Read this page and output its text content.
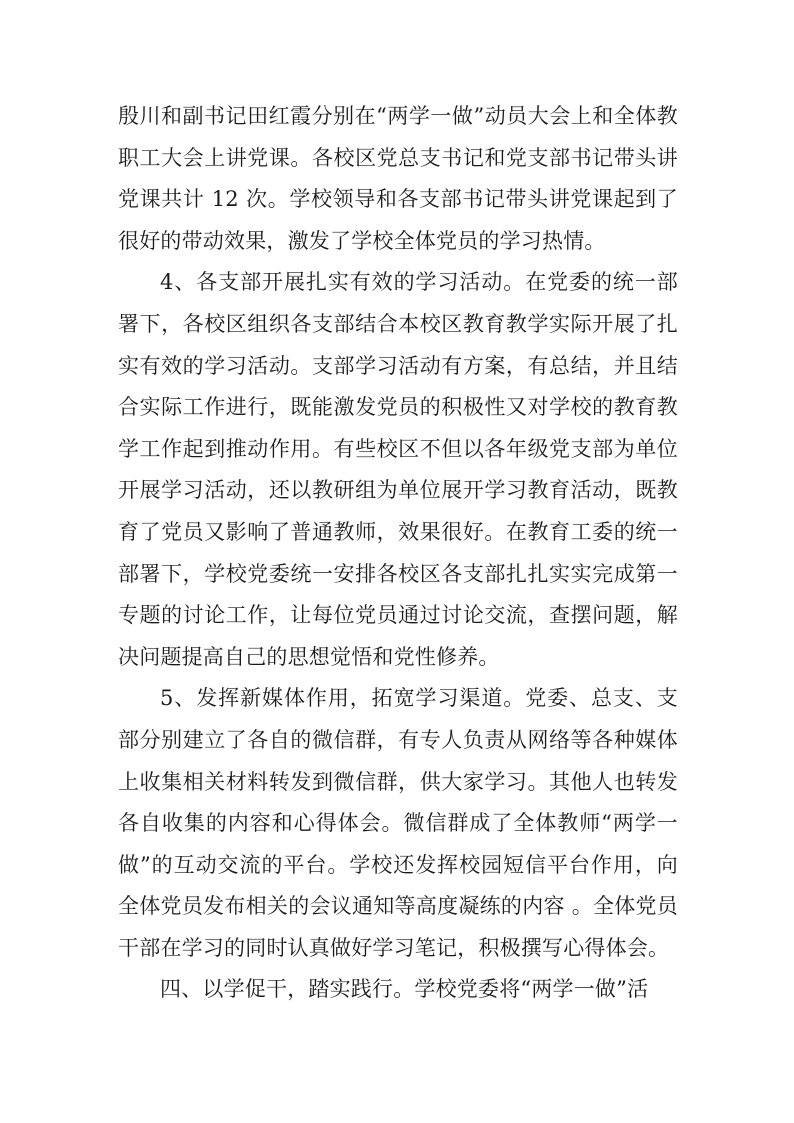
殷川和副书记田红霞分别在“两学一做”动员大会上和全体教职工大会上讲党课。各校区党总支书记和党支部书记带头讲党课共计 12 次。学校领导和各支部书记带头讲党课起到了很好的带动效果，激发了学校全体党员的学习热情。

4、各支部开展扎实有效的学习活动。在党委的统一部署下，各校区组织各支部结合本校区教育教学实际开展了扎实有效的学习活动。支部学习活动有方案，有总结，并且结合实际工作进行，既能激发党员的积极性又对学校的教育教学工作起到推动作用。有些校区不但以各年级党支部为单位开展学习活动，还以教研组为单位展开学习教育活动，既教育了党员又影响了普通教师，效果很好。在教育工委的统一部署下，学校党委统一安排各校区各支部扎扎实实完成第一专题的讨论工作，让每位党员通过讨论交流，查摆问题，解决问题提高自己的思想觉悟和党性修养。

5、发挥新媒体作用，拓宽学习渠道。党委、总支、支部分别建立了各自的微信群，有专人负责从网络等各种媒体上收集相关材料转发到微信群，供大家学习。其他人也转发各自收集的内容和心得体会。微信群成了全体教师“两学一做”的互动交流的平台。学校还发挥校园短信平台作用，向全体党员发布相关的会议通知等高度凝练的内容 。全体党员干部在学习的同时认真做好学习笔记，积极撰写心得体会。

四、以学促干，踏实践行。学校党委将“两学一做”活
